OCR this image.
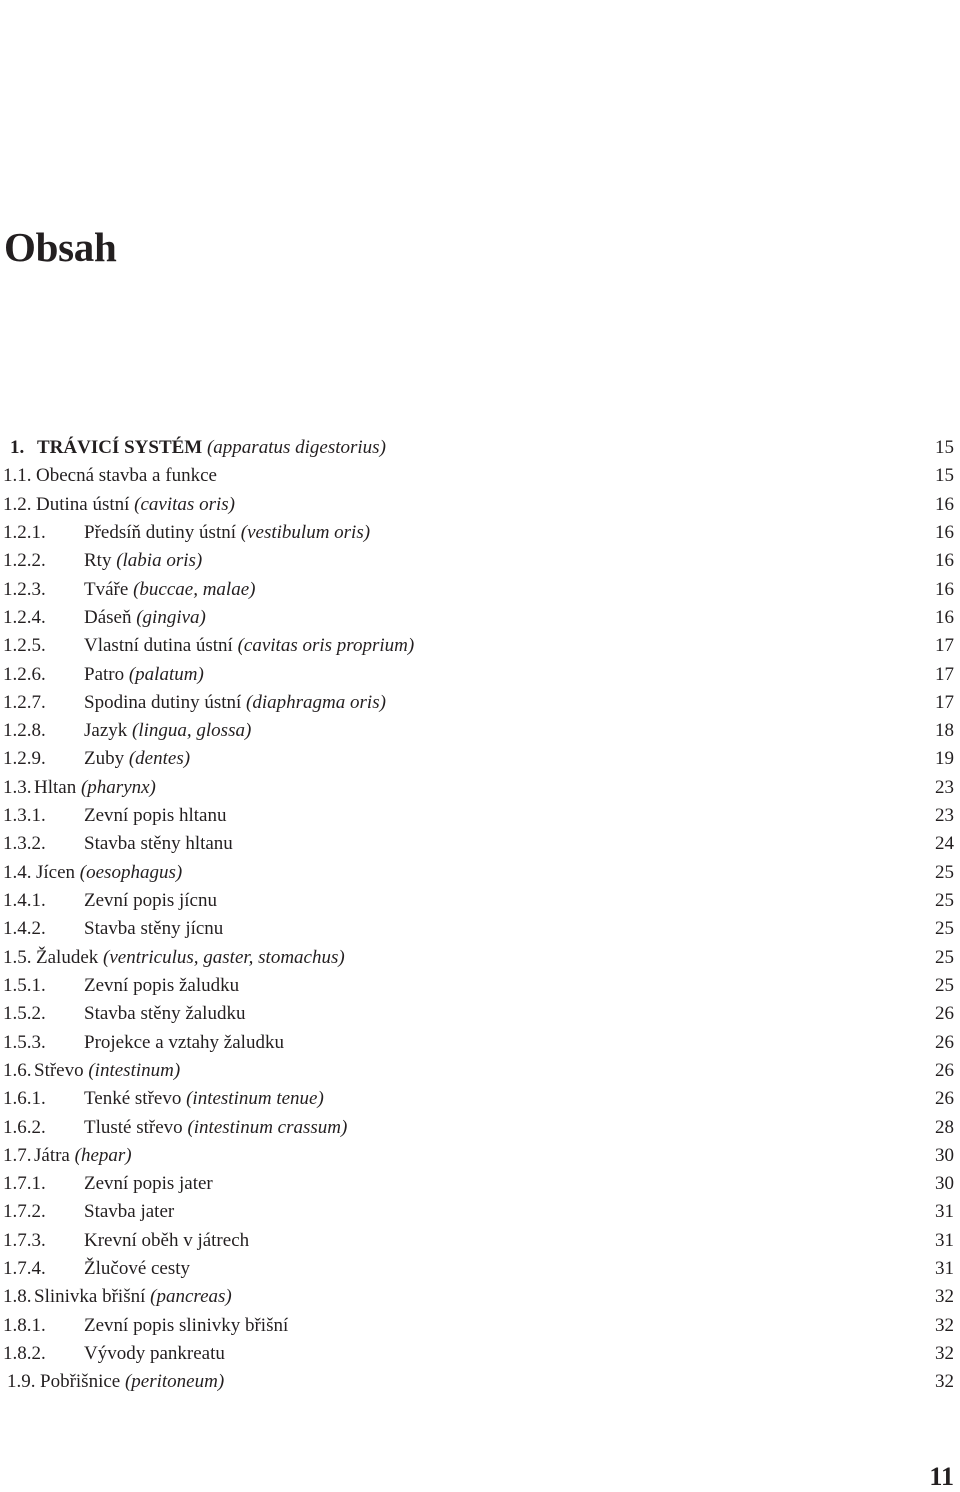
Obsah
1. TRÁVICÍ SYSTÉM (apparatus digestorius)	15
1.1. Obecná stavba a funkce	15
1.2. Dutina ústní (cavitas oris)	16
1.2.1. Předsíň dutiny ústní (vestibulum oris)	16
1.2.2. Rty (labia oris)	16
1.2.3. Tváře (buccae, malae)	16
1.2.4. Dáseň (gingiva)	16
1.2.5. Vlastní dutina ústní (cavitas oris proprium)	17
1.2.6. Patro (palatum)	17
1.2.7. Spodina dutiny ústní (diaphragma oris)	17
1.2.8. Jazyk (lingua, glossa)	18
1.2.9. Zuby (dentes)	19
1.3. Hltan (pharynx)	23
1.3.1. Zevní popis hltanu	23
1.3.2. Stavba stěny hltanu	24
1.4. Jícen (oesophagus)	25
1.4.1. Zevní popis jícnu	25
1.4.2. Stavba stěny jícnu	25
1.5. Žaludek (ventriculus, gaster, stomachus)	25
1.5.1. Zevní popis žaludku	25
1.5.2. Stavba stěny žaludku	26
1.5.3. Projekce a vztahy žaludku	26
1.6. Střevo (intestinum)	26
1.6.1. Tenké střevo (intestinum tenue)	26
1.6.2. Tlusté střevo (intestinum crassum)	28
1.7. Játra (hepar)	30
1.7.1. Zevní popis jater	30
1.7.2. Stavba jater	31
1.7.3. Krevní oběh v játrech	31
1.7.4. Žlučové cesty	31
1.8. Slinivka břišní (pancreas)	32
1.8.1. Zevní popis slinivky břišní	32
1.8.2. Vývody pankreatu	32
1.9. Pobřišnice (peritoneum)	32
11
